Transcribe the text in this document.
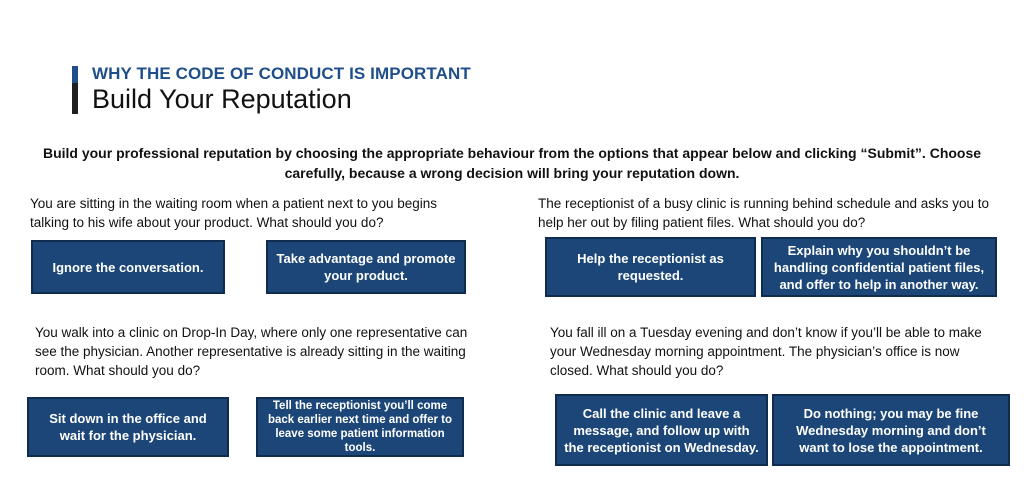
WHY THE CODE OF CONDUCT IS IMPORTANT
Build Your Reputation
Build your professional reputation by choosing the appropriate behaviour from the options that appear below and clicking “Submit”. Choose carefully, because a wrong decision will bring your reputation down.
You are sitting in the waiting room when a patient next to you begins talking to his wife about your product. What should you do?
Ignore the conversation.
Take advantage and promote your product.
The receptionist of a busy clinic is running behind schedule and asks you to help her out by filing patient files. What should you do?
Help the receptionist as requested.
Explain why you shouldn’t be handling confidential patient files, and offer to help in another way.
You walk into a clinic on Drop-In Day, where only one representative can see the physician. Another representative is already sitting in the waiting room. What should you do?
Sit down in the office and wait for the physician.
Tell the receptionist you’ll come back earlier next time and offer to leave some patient information tools.
You fall ill on a Tuesday evening and don’t know if you’ll be able to make your Wednesday morning appointment. The physician’s office is now closed. What should you do?
Call the clinic and leave a message, and follow up with the receptionist on Wednesday.
Do nothing; you may be fine Wednesday morning and don’t want to lose the appointment.
